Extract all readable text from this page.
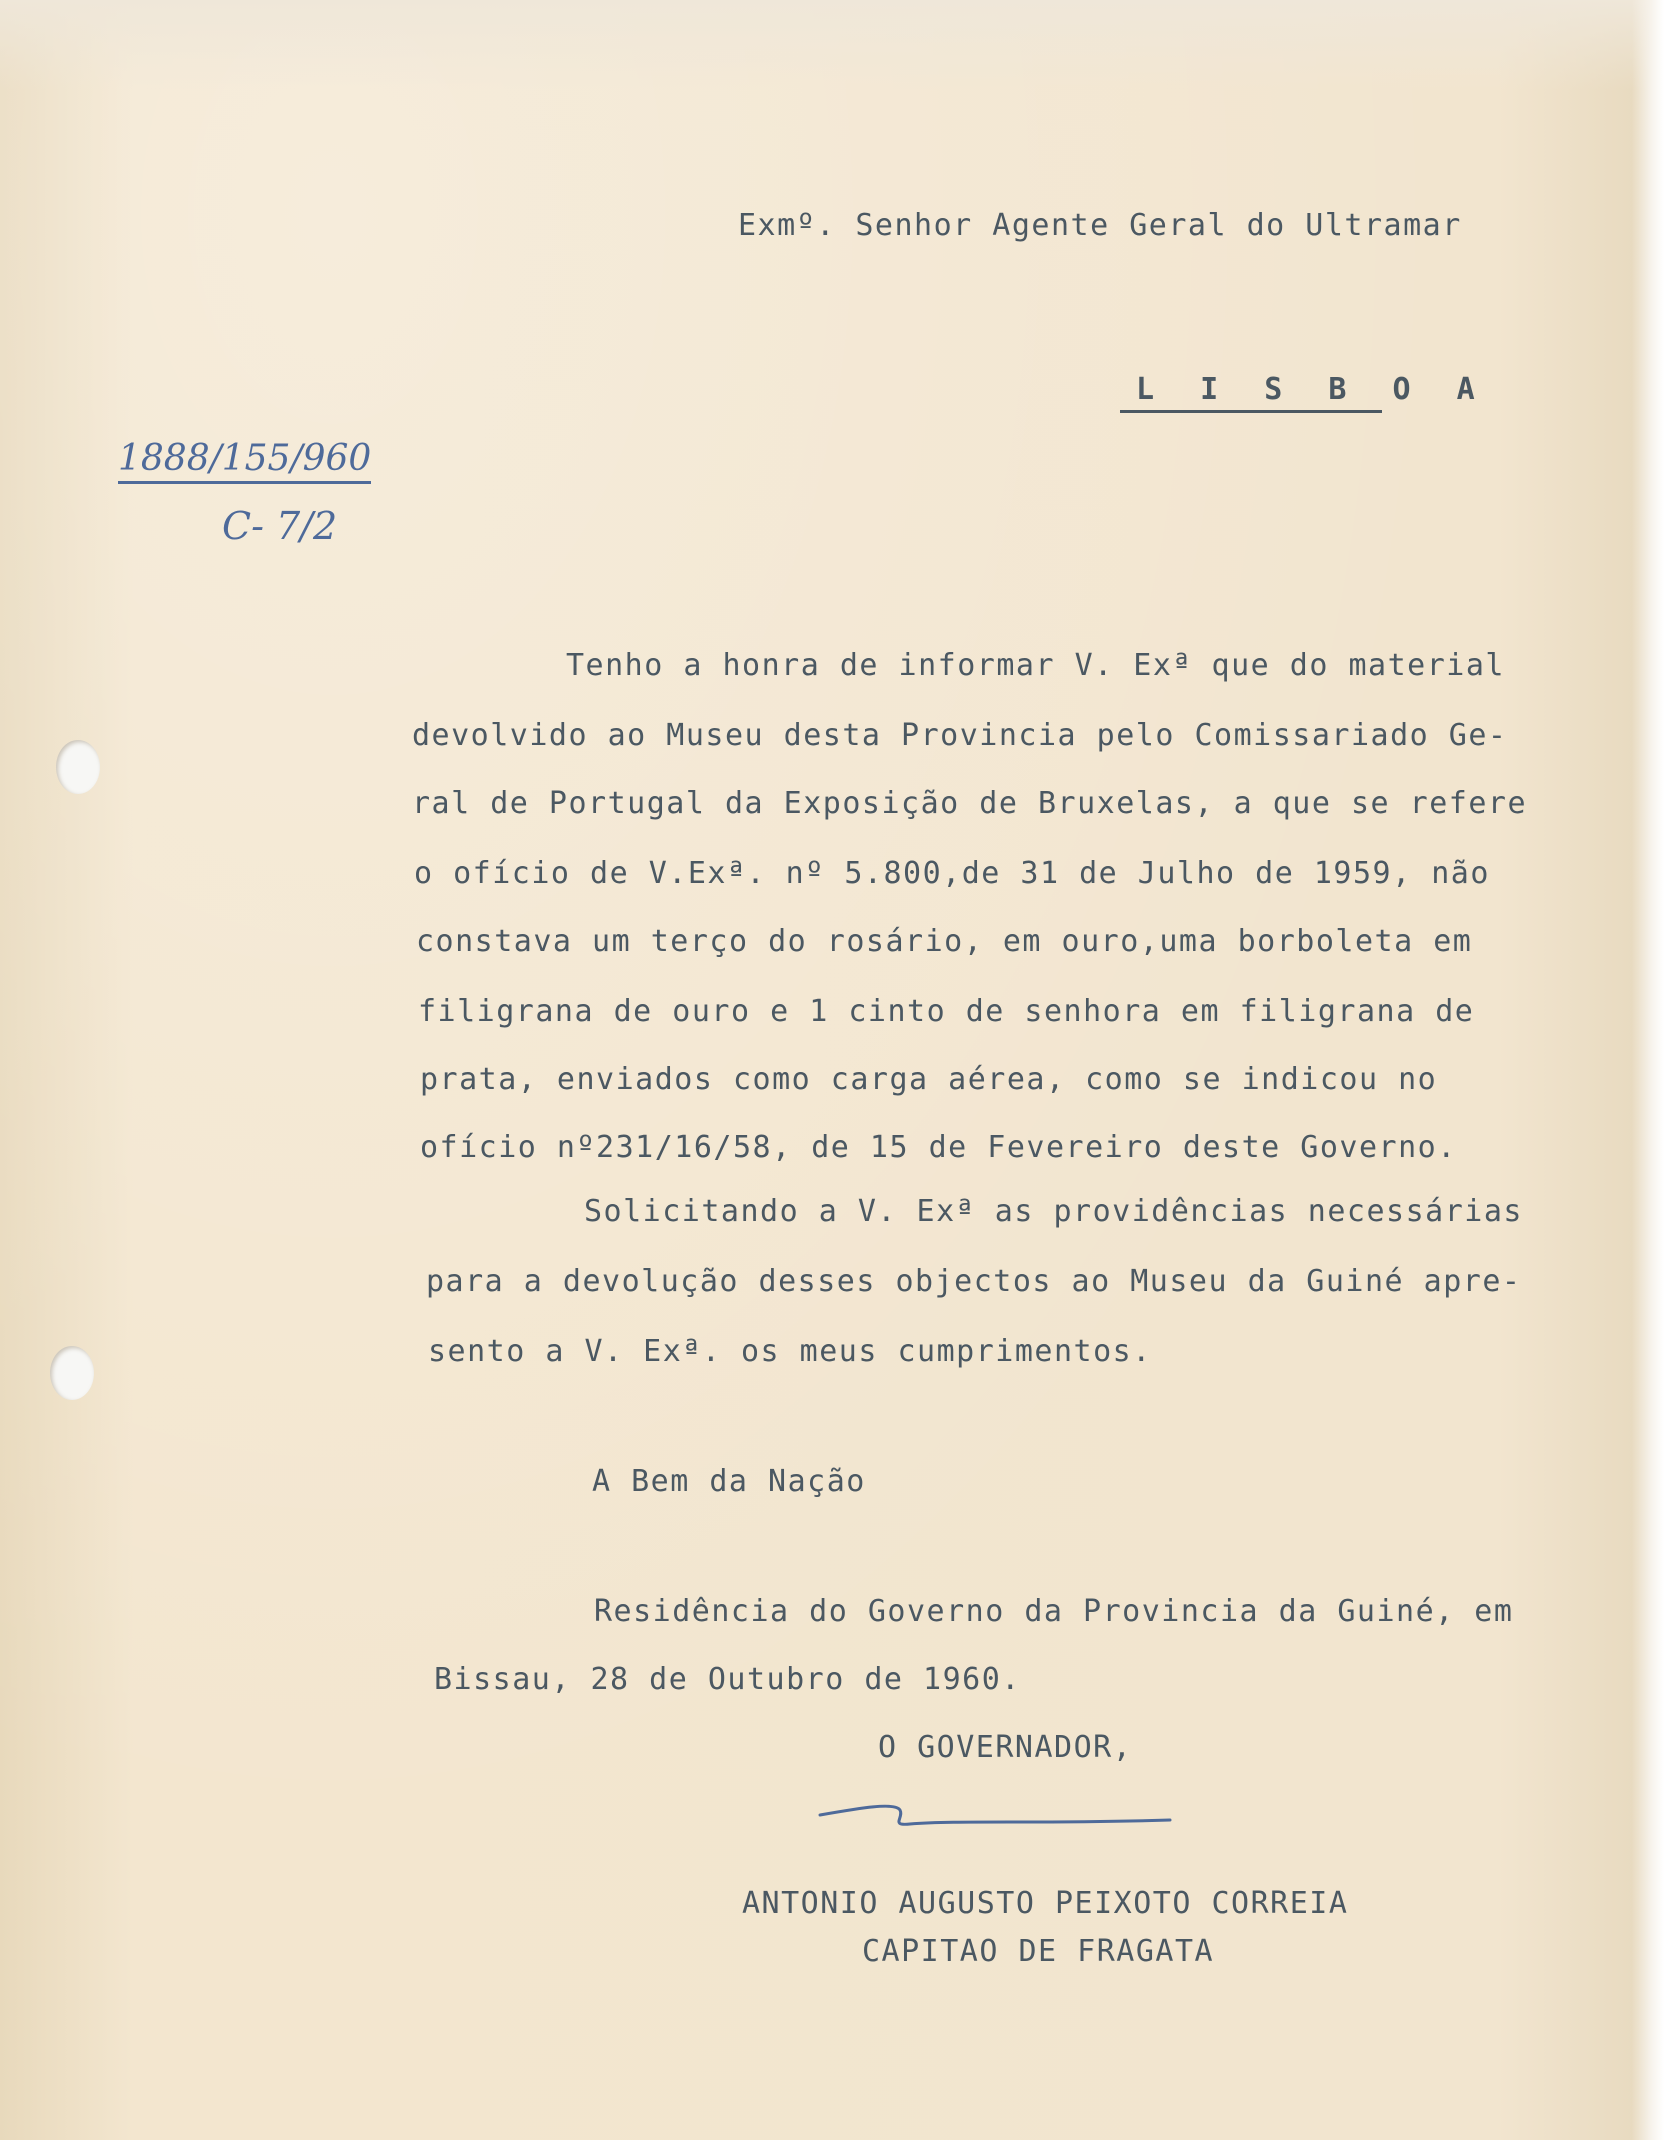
Exmº. Senhor Agente Geral do Ultramar
L I S B O A
1888/155/960
C- 7/2
Tenho a honra de informar V. Exª que do material
devolvido ao Museu desta Provincia pelo Comissariado Ge-
ral de Portugal da Exposição de Bruxelas, a que se refere
o ofício de V.Exª. nº 5.800,de 31 de Julho de 1959, não
constava um terço do rosário, em ouro,uma borboleta em
filigrana de ouro e 1 cinto de senhora em filigrana de
prata, enviados como carga aérea, como se indicou no
ofício nº231/16/58, de 15 de Fevereiro deste Governo.
Solicitando a V. Exª as providências necessárias
para a devolução desses objectos ao Museu da Guiné apre-
sento a V. Exª. os meus cumprimentos.
A Bem da Nação
Residência do Governo da Provincia da Guiné, em
Bissau, 28 de Outubro de 1960.
O GOVERNADOR,
ANTONIO AUGUSTO PEIXOTO CORREIA
CAPITAO DE FRAGATA
